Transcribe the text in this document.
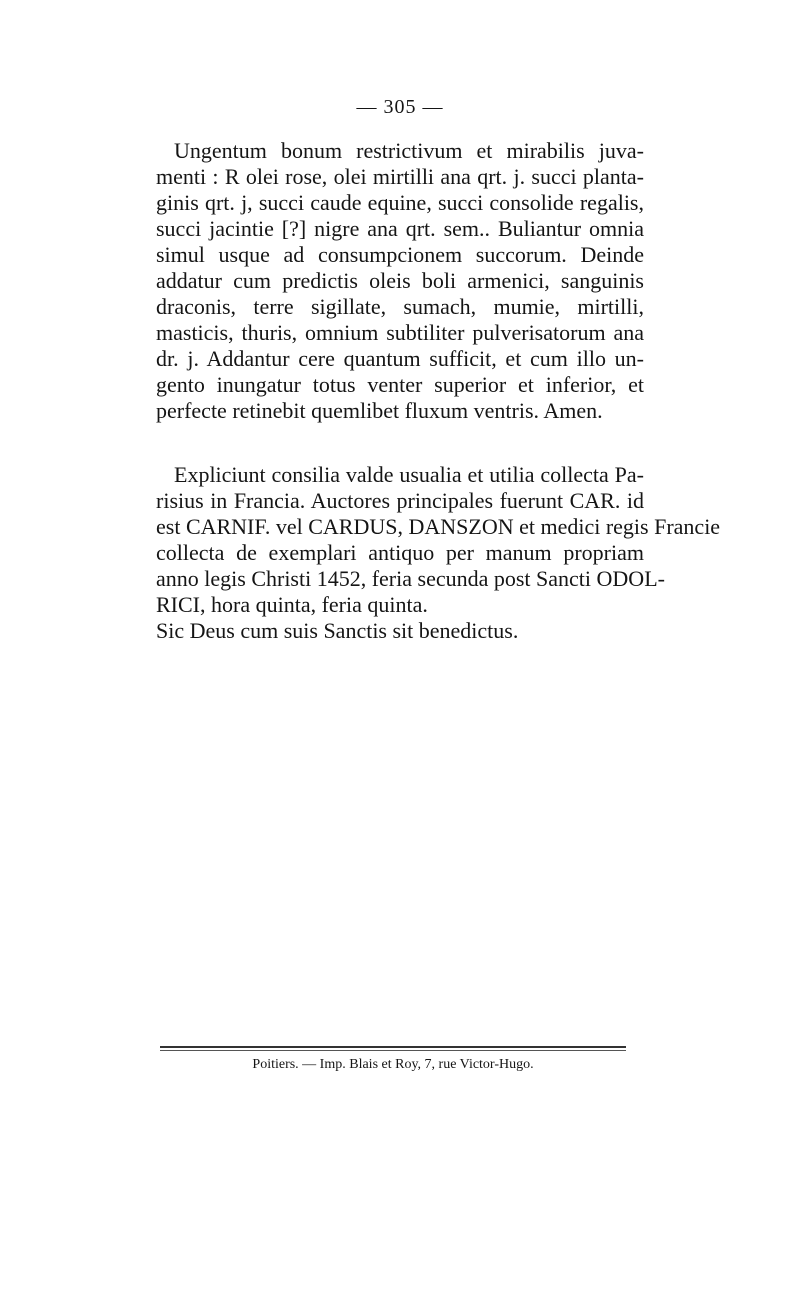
— 305 —
Ungentum bonum restrictivum et mirabilis juva-
menti : R olei rose, olei mirtilli ana qrt. j. succi planta-
ginis qrt. j, succi caude equine, succi consolide regalis,
succi jacintie [?] nigre ana qrt. sem.. Buliantur omnia
simul usque ad consumpcionem succorum. Deinde
addatur cum predictis oleis boli armenici, sanguinis
draconis, terre sigillate, sumach, mumie, mirtilli,
masticis, thuris, omnium subtiliter pulverisatorum ana
dr. j. Addantur cere quantum sufficit, et cum illo un-
gento inungatur totus venter superior et inferior, et
perfecte retinebit quemlibet fluxum ventris. Amen.
Expliciunt consilia valde usualia et utilia collecta Pa-
risius in Francia. Auctores principales fuerunt CAR. id
est CARNIF. vel CARDUS, DANSZON et medici regis Francie
collecta de exemplari antiquo per manum propriam
anno legis Christi 1452, feria secunda post Sancti ODOL-
RICI, hora quinta, feria quinta.
Sic Deus cum suis Sanctis sit benedictus.
Poitiers. — Imp. Blais et Roy, 7, rue Victor-Hugo.
